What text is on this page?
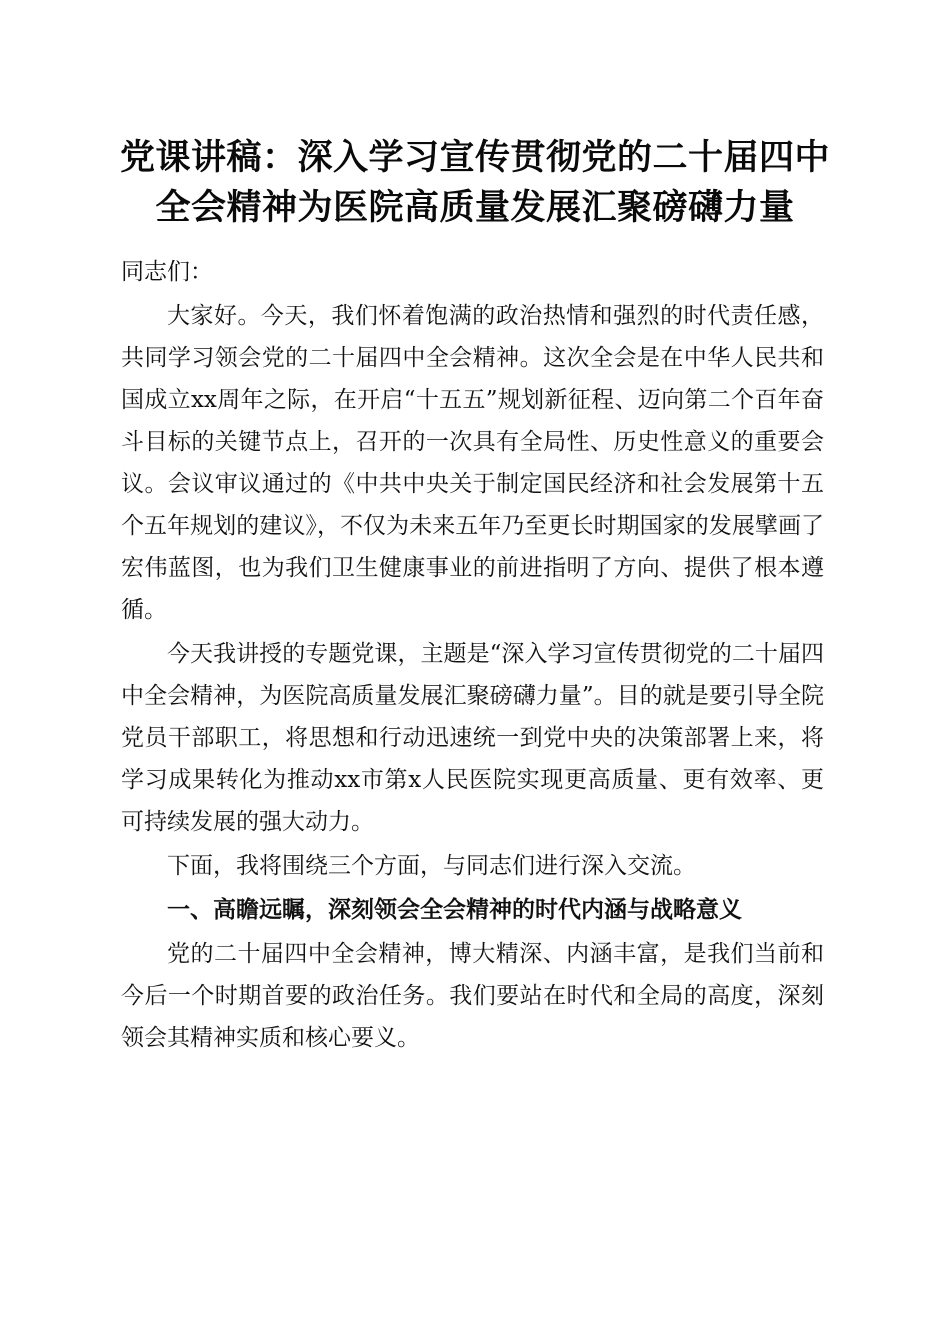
党课讲稿：深入学习宣传贯彻党的二十届四中
全会精神为医院高质量发展汇聚磅礴力量

同志们：

大家好。今天，我们怀着饱满的政治热情和强烈的时代责任感，共同学习领会党的二十届四中全会精神。这次全会是在中华人民共和国成立xx周年之际，在开启“十五五”规划新征程、迈向第二个百年奋斗目标的关键节点上，召开的一次具有全局性、历史性意义的重要会议。会议审议通过的《中共中央关于制定国民经济和社会发展第十五个五年规划的建议》，不仅为未来五年乃至更长时期国家的发展擘画了宏伟蓝图，也为我们卫生健康事业的前进指明了方向、提供了根本遵循。

今天我讲授的专题党课，主题是“深入学习宣传贯彻党的二十届四中全会精神，为医院高质量发展汇聚磅礴力量”。目的就是要引导全院党员干部职工，将思想和行动迅速统一到党中央的决策部署上来，将学习成果转化为推动xx市第x人民医院实现更高质量、更有效率、更可持续发展的强大动力。

下面，我将围绕三个方面，与同志们进行深入交流。

一、高瞻远瞩，深刻领会全会精神的时代内涵与战略意义

党的二十届四中全会精神，博大精深、内涵丰富，是我们当前和今后一个时期首要的政治任务。我们要站在时代和全局的高度，深刻领会其精神实质和核心要义。
